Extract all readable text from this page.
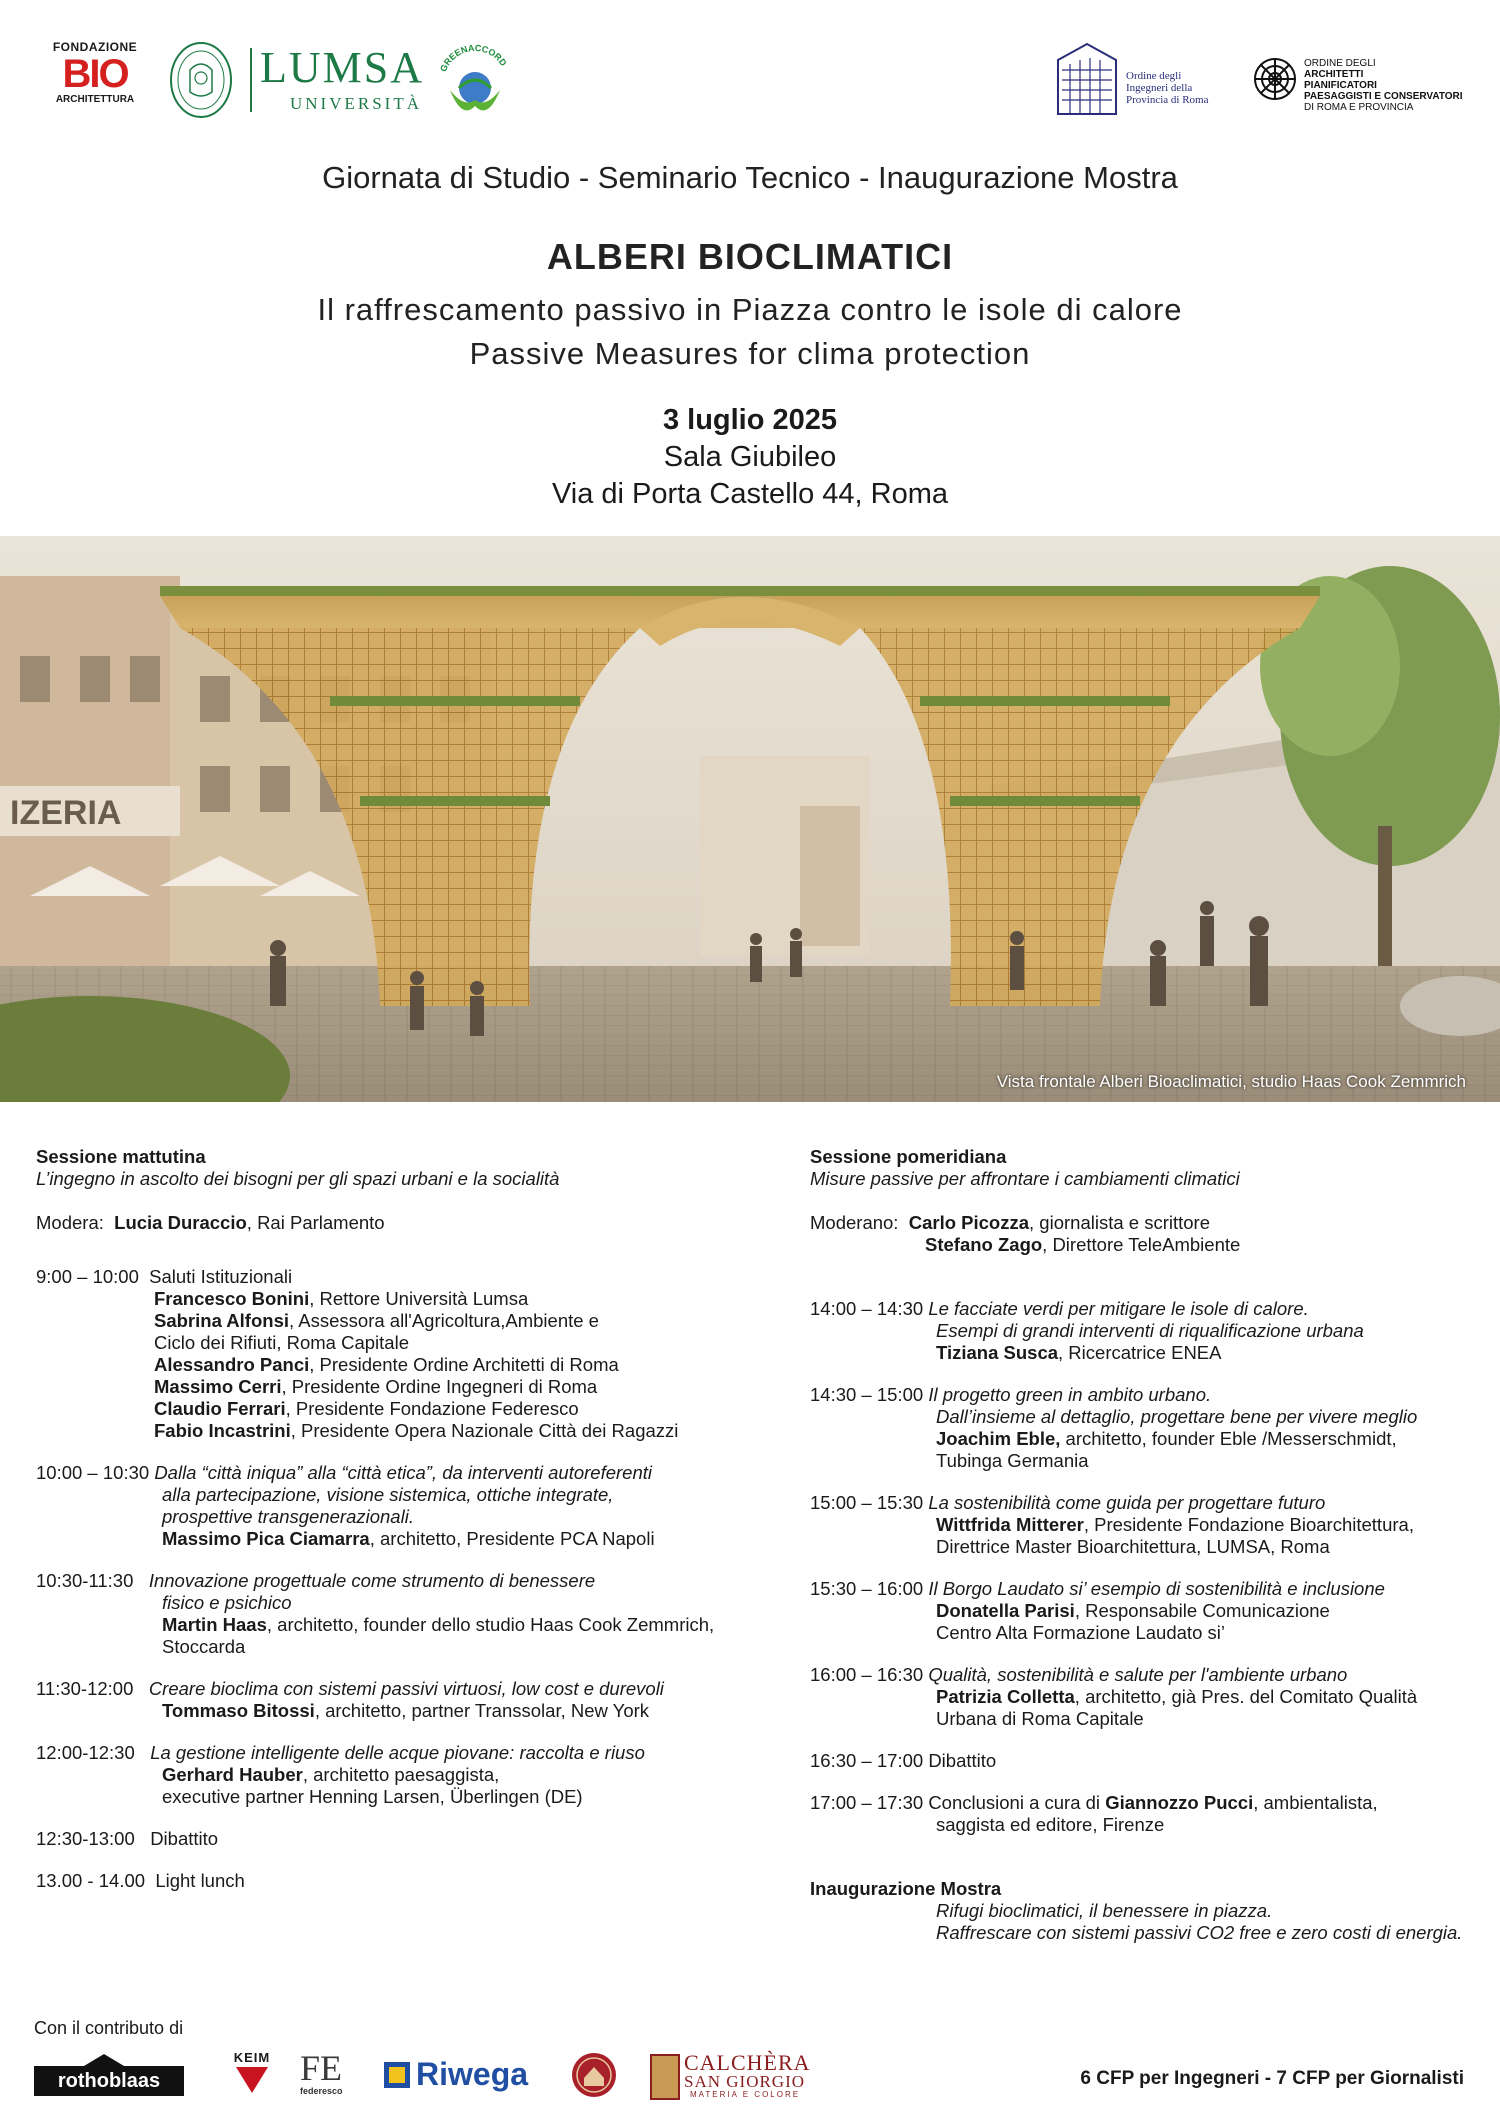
FONDAZIONE
BIO
ARCHITETTURA
LUMSA
UNIVERSITÀ
GREENACCORD
Ordine degli Ingegneri della Provincia di Roma
ORDINE DEGLI
ARCHITETTI
PIANIFICATORI
PAESAGGISTI E CONSERVATORI
DI ROMA E PROVINCIA
Giornata di Studio - Seminario Tecnico - Inaugurazione Mostra
ALBERI BIOCLIMATICI
Il raffrescamento passivo in Piazza contro le isole di calore
Passive Measures for clima protection
3 luglio 2025
Sala Giubileo
Via di Porta Castello 44, Roma
IZERIA
Vista frontale Alberi Bioaclimatici, studio Haas Cook Zemmrich

Sessione mattutina

L’ingegno in ascolto dei bisogni per gli spazi urbani e la socialità

Modera: Lucia Duraccio, Rai Parlamento

9:00 – 10:00 Saluti Istituzionali

Francesco Bonini, Rettore Università Lumsa

Sabrina Alfonsi, Assessora all'Agricoltura,Ambiente e

Ciclo dei Rifiuti, Roma Capitale

Alessandro Panci, Presidente Ordine Architetti di Roma

Massimo Cerri, Presidente Ordine Ingegneri di Roma

Claudio Ferrari, Presidente Fondazione Federesco

Fabio Incastrini, Presidente Opera Nazionale Città dei Ragazzi

10:00 – 10:30 Dalla “città iniqua” alla “città etica”, da interventi autoreferenti

alla partecipazione, visione sistemica, ottiche integrate,

prospettive transgenerazionali.

Massimo Pica Ciamarra, architetto, Presidente PCA Napoli

10:30-11:30 Innovazione progettuale come strumento di benessere

fisico e psichico

Martin Haas, architetto, founder dello studio Haas Cook Zemmrich,

Stoccarda

11:30-12:00 Creare bioclima con sistemi passivi virtuosi, low cost e durevoli

Tommaso Bitossi, architetto, partner Transsolar, New York

12:00-12:30 La gestione intelligente delle acque piovane: raccolta e riuso

Gerhard Hauber, architetto paesaggista,

executive partner Henning Larsen, Überlingen (DE)

12:30-13:00 Dibattito

13.00 - 14.00 Light lunch

Sessione pomeridiana

Misure passive per affrontare i cambiamenti climatici

Moderano: Carlo Picozza, giornalista e scrittore

Stefano Zago, Direttore TeleAmbiente

14:00 – 14:30 Le facciate verdi per mitigare le isole di calore.

Esempi di grandi interventi di riqualificazione urbana

Tiziana Susca, Ricercatrice ENEA

14:30 – 15:00 Il progetto green in ambito urbano.

Dall’insieme al dettaglio, progettare bene per vivere meglio

Joachim Eble, architetto, founder Eble /Messerschmidt,

Tubinga Germania

15:00 – 15:30 La sostenibilità come guida per progettare futuro

Wittfrida Mitterer, Presidente Fondazione Bioarchitettura,

Direttrice Master Bioarchitettura, LUMSA, Roma

15:30 – 16:00 Il Borgo Laudato si’ esempio di sostenibilità e inclusione

Donatella Parisi, Responsabile Comunicazione

Centro Alta Formazione Laudato si’

16:00 – 16:30 Qualità, sostenibilità e salute per l'ambiente urbano

Patrizia Colletta, architetto, già Pres. del Comitato Qualità

Urbana di Roma Capitale

16:30 – 17:00 Dibattito

17:00 – 17:30 Conclusioni a cura di Giannozzo Pucci, ambientalista,

saggista ed editore, Firenze

Inaugurazione Mostra

Rifugi bioclimatici, il benessere in piazza.

Raffrescare con sistemi passivi CO2 free e zero costi di energia.

Con il contributo di
rothoblaas
KEIM FE
federesco	Riwega	CALCHÈRA
SAN GIORGIO
MATERIA E COLORE
6 CFP per Ingegneri - 7 CFP per Giornalisti
